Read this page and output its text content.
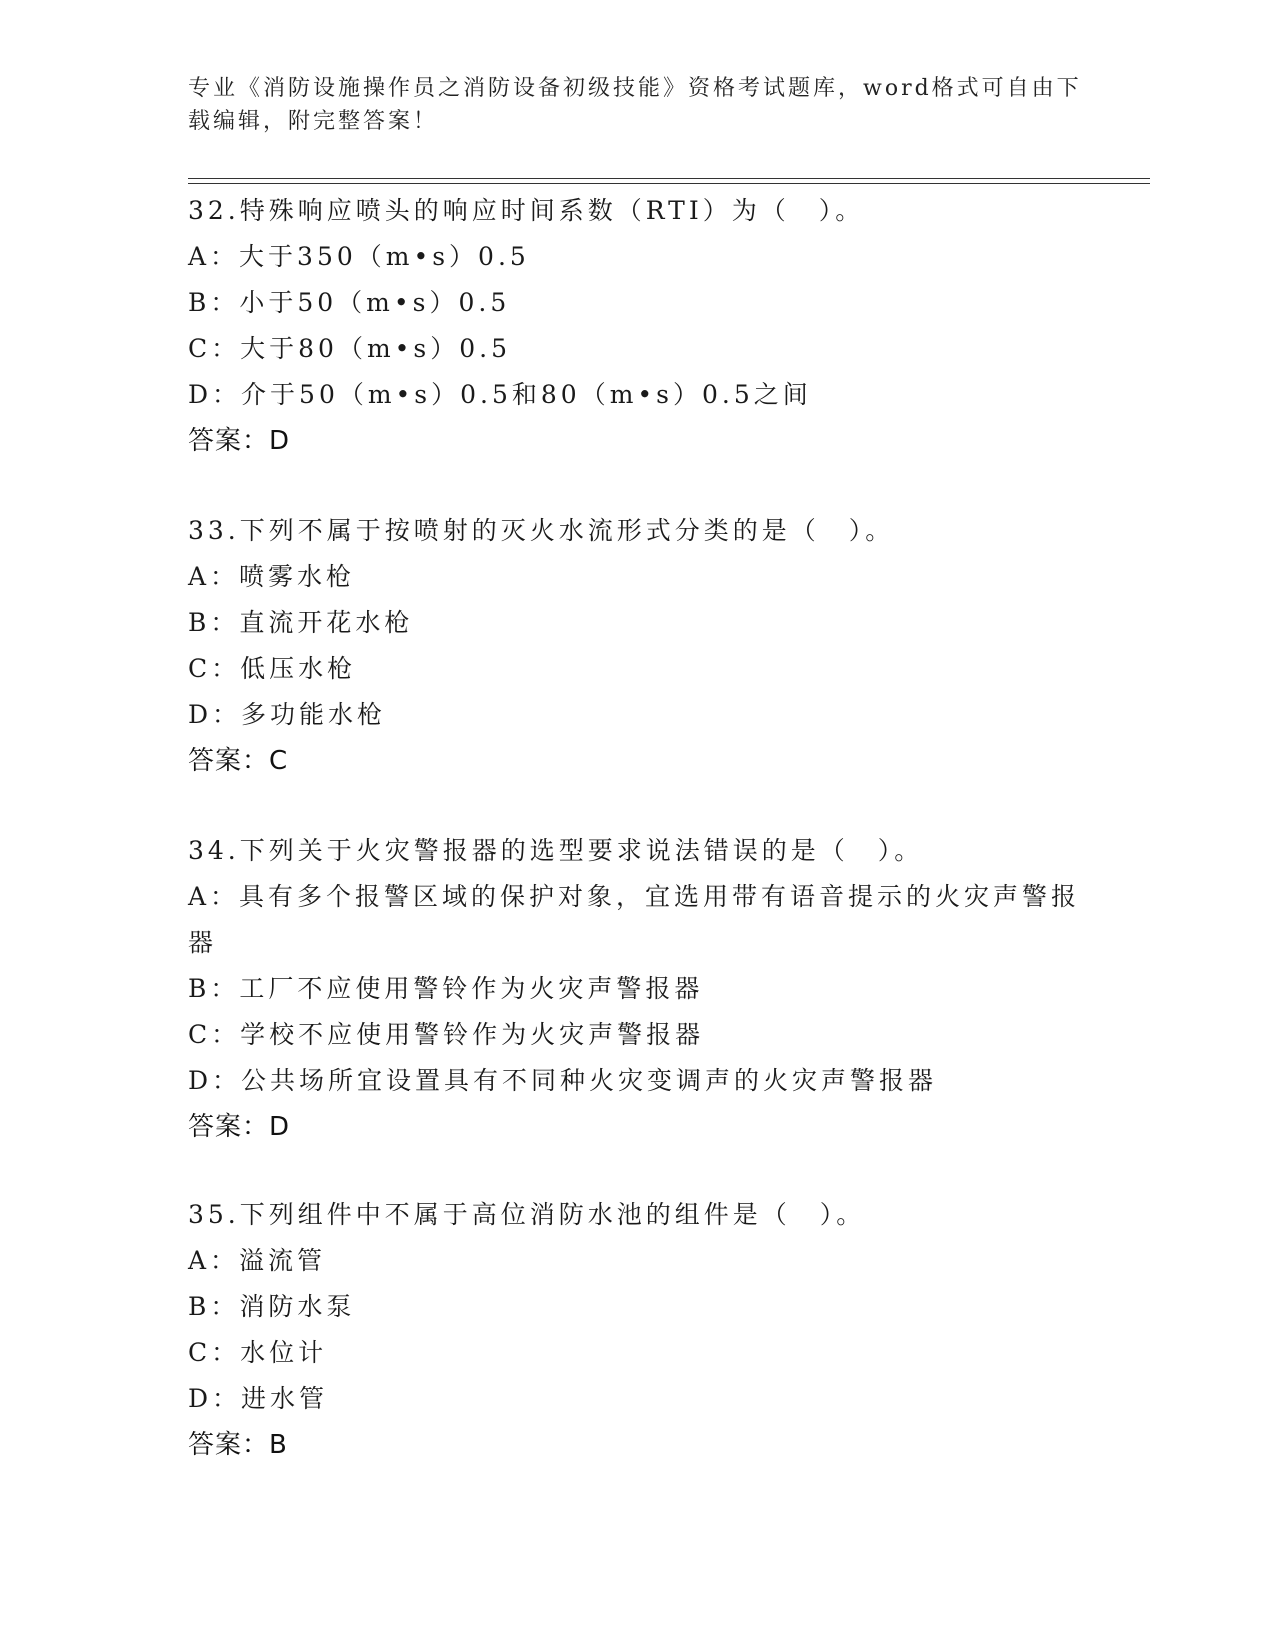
专业《消防设施操作员之消防设备初级技能》资格考试题库，word格式可自由下载编辑，附完整答案！
32.特殊响应喷头的响应时间系数（RTI）为（　）。
A：大于350（m•s）0.5
B：小于50（m•s）0.5
C：大于80（m•s）0.5
D：介于50（m•s）0.5和80（m•s）0.5之间
答案：D
33.下列不属于按喷射的灭火水流形式分类的是（　）。
A：喷雾水枪
B：直流开花水枪
C：低压水枪
D：多功能水枪
答案：C
34.下列关于火灾警报器的选型要求说法错误的是（　）。
A：具有多个报警区域的保护对象，宜选用带有语音提示的火灾声警报器
B：工厂不应使用警铃作为火灾声警报器
C：学校不应使用警铃作为火灾声警报器
D：公共场所宜设置具有不同种火灾变调声的火灾声警报器
答案：D
35.下列组件中不属于高位消防水池的组件是（　）。
A：溢流管
B：消防水泵
C：水位计
D：进水管
答案：B
